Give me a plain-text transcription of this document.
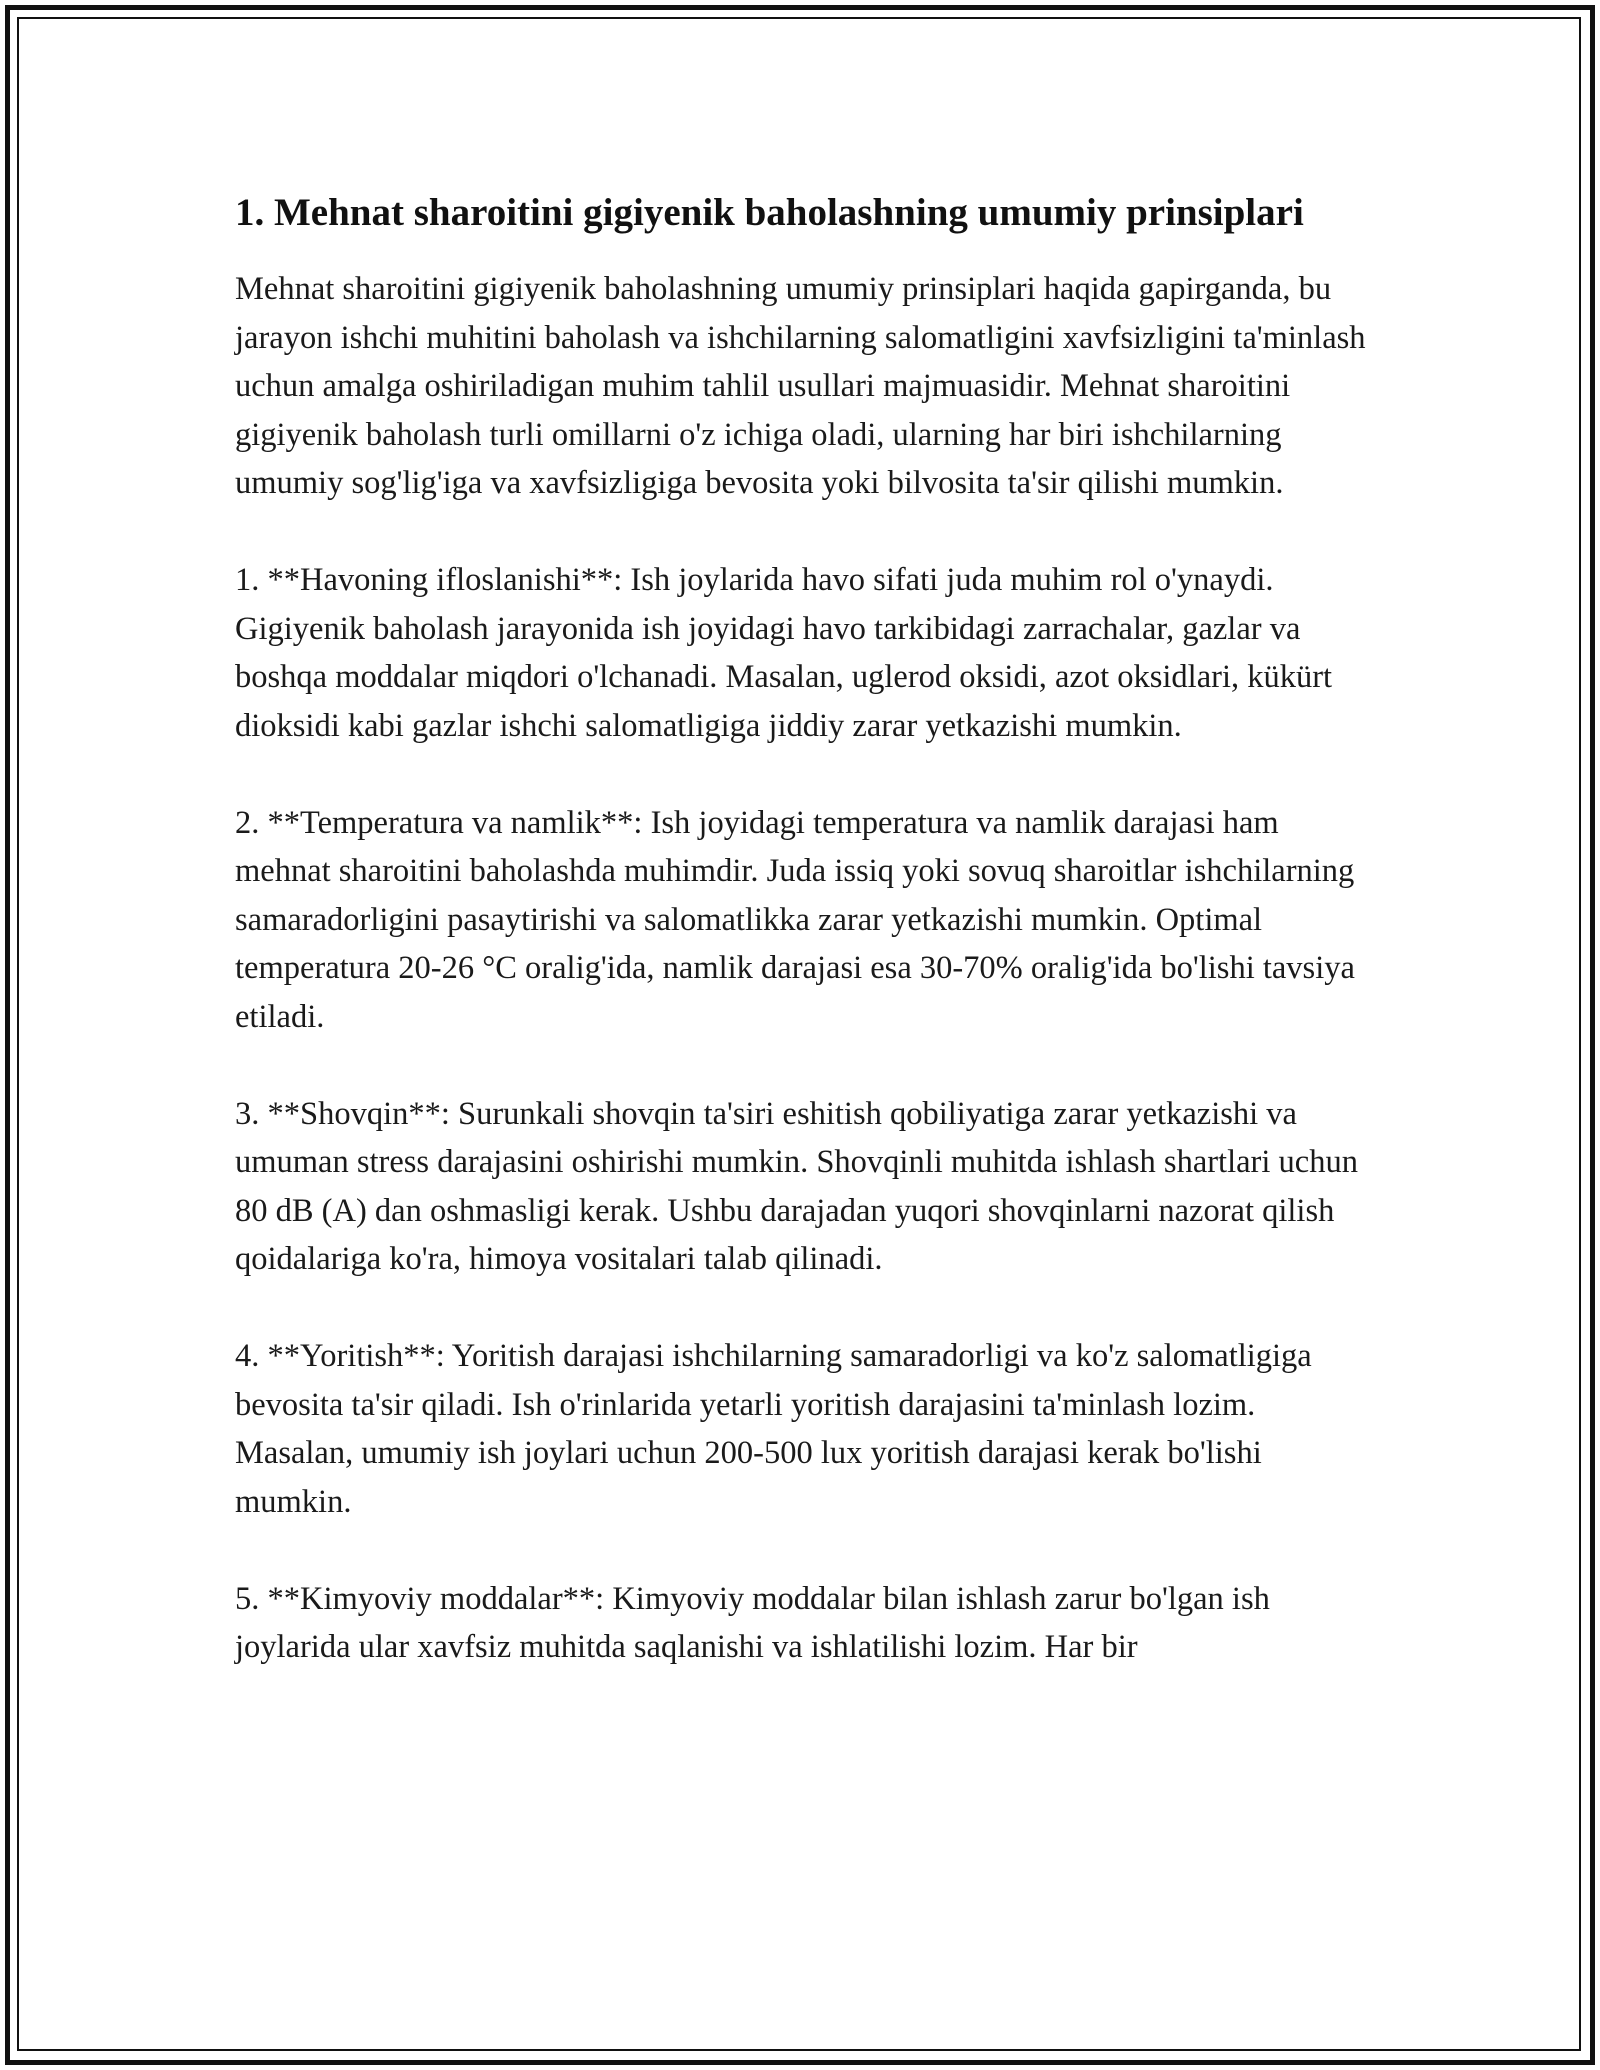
1. Mehnat sharoitini gigiyenik baholashning umumiy prinsiplari

Mehnat sharoitini gigiyenik baholashning umumiy prinsiplari haqida gapirganda, bu jarayon ishchi muhitini baholash va ishchilarning salomatligini xavfsizligini ta'minlash uchun amalga oshiriladigan muhim tahlil usullari majmuasidir. Mehnat sharoitini gigiyenik baholash turli omillarni o'z ichiga oladi, ularning har biri ishchilarning umumiy sog'lig'iga va xavfsizligiga bevosita yoki bilvosita ta'sir qilishi mumkin.

1. **Havoning ifloslanishi**: Ish joylarida havo sifati juda muhim rol o'ynaydi. Gigiyenik baholash jarayonida ish joyidagi havo tarkibidagi zarrachalar, gazlar va boshqa moddalar miqdori o'lchanadi. Masalan, uglerod oksidi, azot oksidlari, kükürt dioksidi kabi gazlar ishchi salomatligiga jiddiy zarar yetkazishi mumkin.

2. **Temperatura va namlik**: Ish joyidagi temperatura va namlik darajasi ham mehnat sharoitini baholashda muhimdir. Juda issiq yoki sovuq sharoitlar ishchilarning samaradorligini pasaytirishi va salomatlikka zarar yetkazishi mumkin. Optimal temperatura 20-26 °C oralig'ida, namlik darajasi esa 30-70% oralig'ida bo'lishi tavsiya etiladi.

3. **Shovqin**: Surunkali shovqin ta'siri eshitish qobiliyatiga zarar yetkazishi va umuman stress darajasini oshirishi mumkin. Shovqinli muhitda ishlash shartlari uchun 80 dB (A) dan oshmasligi kerak. Ushbu darajadan yuqori shovqinlarni nazorat qilish qoidalariga ko'ra, himoya vositalari talab qilinadi.

4. **Yoritish**: Yoritish darajasi ishchilarning samaradorligi va ko'z salomatligiga bevosita ta'sir qiladi. Ish o'rinlarida yetarli yoritish darajasini ta'minlash lozim. Masalan, umumiy ish joylari uchun 200-500 lux yoritish darajasi kerak bo'lishi mumkin.

5. **Kimyoviy moddalar**: Kimyoviy moddalar bilan ishlash zarur bo'lgan ish joylarida ular xavfsiz muhitda saqlanishi va ishlatilishi lozim. Har bir
